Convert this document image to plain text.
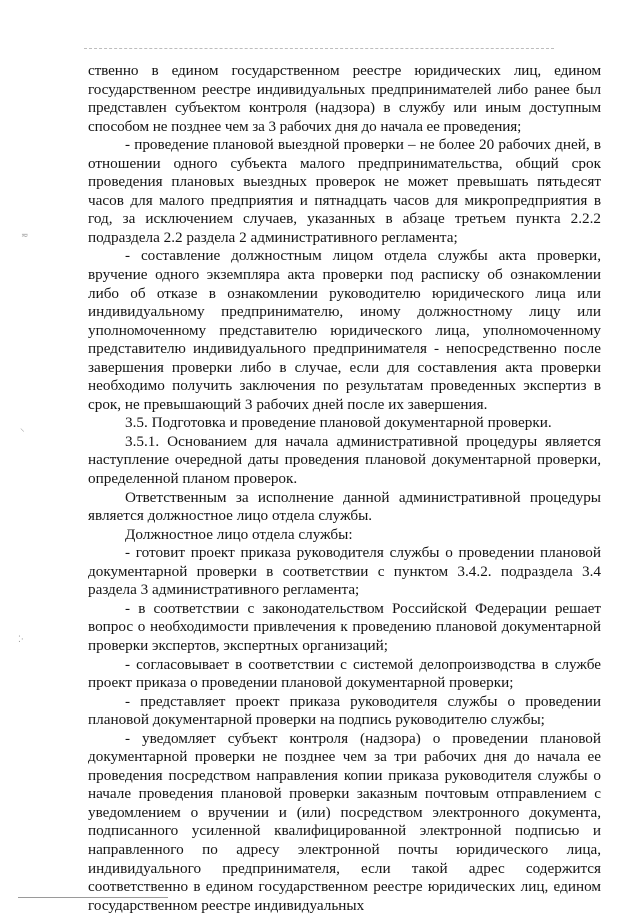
≂
⸜
⁚·

ственно в едином государственном реестре юридических лиц, едином государственном реестре индивидуальных предпринимателей либо ранее был представлен субъектом контроля (надзора) в службу или иным доступным способом не позднее чем за 3 рабочих дня до начала ее проведения;

- проведение плановой выездной проверки – не более 20 рабочих дней, в отношении одного субъекта малого предпринимательства, общий срок проведения плановых выездных проверок не может превышать пятьдесят часов для малого предприятия и пятнадцать часов для микропредприятия в год, за исключением случаев, указанных в абзаце третьем пункта 2.2.2 подраздела 2.2 раздела 2 административного регламента;

- составление должностным лицом отдела службы акта проверки, вручение одного экземпляра акта проверки под расписку об ознакомлении либо об отказе в ознакомлении руководителю юридического лица или индивидуальному предпринимателю, иному должностному лицу или уполномоченному представителю юридического лица, уполномоченному представителю индивидуального предпринимателя - непосредственно после завершения проверки либо в случае, если для составления акта проверки необходимо получить заключения по результатам проведенных экспертиз в срок, не превышающий 3 рабочих дней после их завершения.

3.5. Подготовка и проведение плановой документарной проверки.

3.5.1. Основанием для начала административной процедуры является наступление очередной даты проведения плановой документарной проверки, определенной планом проверок.

Ответственным за исполнение данной административной процедуры является должностное лицо отдела службы.

Должностное лицо отдела службы:

- готовит проект приказа руководителя службы о проведении плановой документарной проверки в соответствии с пунктом 3.4.2. подраздела 3.4 раздела 3 административного регламента;

- в соответствии с законодательством Российской Федерации решает вопрос о необходимости привлечения к проведению плановой документарной проверки экспертов, экспертных организаций;

- согласовывает в соответствии с системой делопроизводства в службе проект приказа о проведении плановой документарной проверки;

- представляет проект приказа руководителя службы о проведении плановой документарной проверки на подпись руководителю службы;

- уведомляет субъект контроля (надзора) о проведении плановой документарной проверки не позднее чем за три рабочих дня до начала ее проведения посредством направления копии приказа руководителя службы о начале проведения плановой проверки заказным почтовым отправлением с уведомлением о вручении и (или) посредством электронного документа, подписанного усиленной квалифицированной электронной подписью и направленного по адресу электронной почты юридического лица, индивидуального предпринимателя, если такой адрес содержится соответственно в едином государственном реестре юридических лиц, едином государственном реестре индивидуальных
